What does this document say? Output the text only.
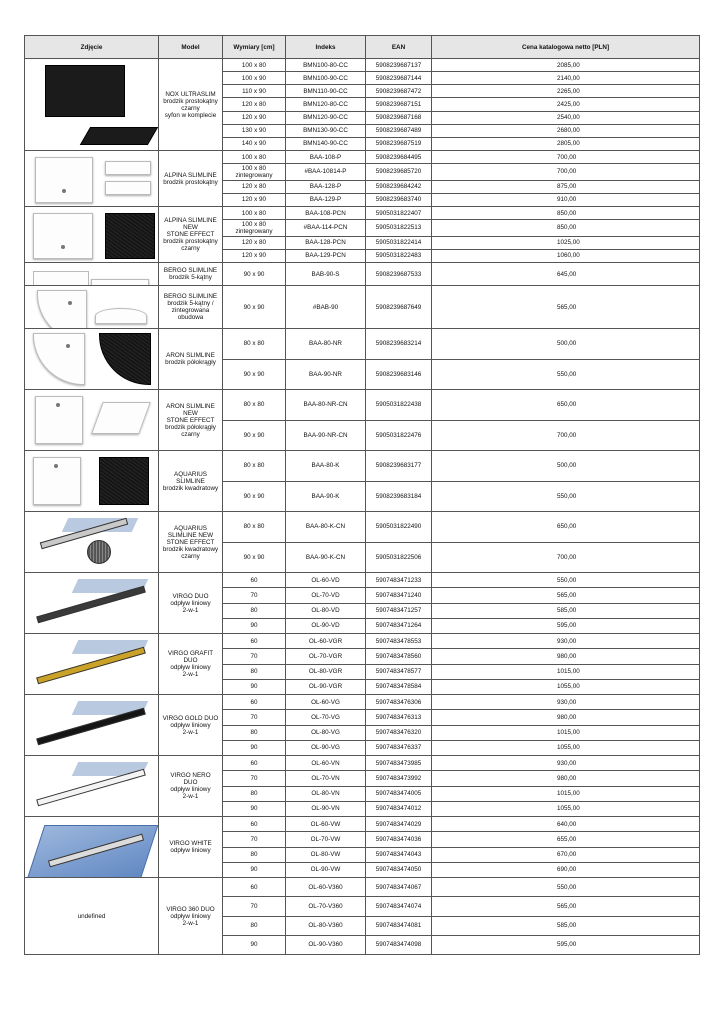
Zdjęcie	Model	Wymiary [cm]	Indeks	EAN	Cena katalogowa netto [PLN]

	NOX ULTRASLIM
brodzik prostokątny
czarny
syfon w komplecie	100 x 80	BMN100-80-CC	5908239687137	2085,00
		100 x 90	BMN100-90-CC	5908239687144	2140,00
		110 x 90	BMN110-90-CC	5908239687472	2265,00
		120 x 80	BMN120-80-CC	5908239687151	2425,00
		120 x 90	BMN120-90-CC	5908239687168	2540,00
		130 x 90	BMN130-90-CC	5908239687489	2680,00
		140 x 90	BMN140-90-CC	5908239687519	2805,00

	ALPINA SLIMLINE
brodzik prostokątny	100 x 80	BAA-108-P	5908239684495	700,00
		100 x 80 zintegrowany	#BAA-10814-P	5908239685720	700,00
		120 x 80	BAA-128-P	5908239684242	875,00
		120 x 90	BAA-129-P	5908239683740	910,00

	ALPINA SLIMLINE
NEW
STONE EFFECT
brodzik prostokątny
czarny	100 x 80	BAA-108-PCN	5905031822407	850,00
		100 x 80 zintegrowany	#BAA-114-PCN	5905031822513	850,00
		120 x 80	BAA-128-PCN	5905031822414	1025,00
		120 x 90	BAA-129-PCN	5905031822483	1060,00

	BERGO SLIMLINE
brodzik 5-kątny	90 x 90	BAB-90-S	5908239687533	645,00

	BERGO SLIMLINE
brodzik 5-kątny /
zintegrowana
obudowa	90 x 90	#BAB-90	5908239687649	565,00

	ARON SLIMLINE
brodzik półokrągły	80 x 80	BAA-80-NR	5908239683214	500,00
		90 x 90	BAA-90-NR	5908239683146	550,00

	ARON SLIMLINE
NEW
STONE EFFECT
brodzik półokrągły
czarny	80 x 80	BAA-80-NR-CN	5905031822438	650,00
		90 x 90	BAA-90-NR-CN	5905031822476	700,00

	AQUARIUS
SLIMLINE
brodzik kwadratowy	80 x 80	BAA-80-K	5908239683177	500,00
		90 x 90	BAA-90-K	5908239683184	550,00

	AQUARIUS
SLIMLINE NEW
STONE EFFECT
brodzik kwadratowy
czarny	80 x 80	BAA-80-K-CN	5905031822490	650,00
		90 x 90	BAA-90-K-CN	5905031822506	700,00

	VIRGO DUO
odpływ liniowy
2-w-1	60	OL-60-VD	5907483471233	550,00
		70	OL-70-VD	5907483471240	565,00
		80	OL-80-VD	5907483471257	585,00
		90	OL-90-VD	5907483471264	595,00

	VIRGO GRAFIT
DUO
odpływ liniowy
2-w-1	60	OL-60-VGR	5907483478553	930,00
		70	OL-70-VGR	5907483478560	980,00
		80	OL-80-VGR	5907483478577	1015,00
		90	OL-90-VGR	5907483478584	1055,00

	VIRGO GOLD DUO
odpływ liniowy
2-w-1	60	OL-60-VG	5907483476306	930,00
		70	OL-70-VG	5907483476313	980,00
		80	OL-80-VG	5907483476320	1015,00
		90	OL-90-VG	5907483476337	1055,00

	VIRGO NERO
DUO
odpływ liniowy
2-w-1	60	OL-60-VN	5907483473985	930,00
		70	OL-70-VN	5907483473992	980,00
		80	OL-80-VN	5907483474005	1015,00
		90	OL-90-VN	5907483474012	1055,00

	VIRGO WHITE
odpływ liniowy	60	OL-60-VW	5907483474029	640,00
		70	OL-70-VW	5907483474036	655,00
		80	OL-80-VW	5907483474043	670,00
		90	OL-90-VW	5907483474050	690,00
undefined	VIRGO 360 DUO
odpływ liniowy
2-w-1	60	OL-60-V360	5907483474067	550,00
		70	OL-70-V360	5907483474074	565,00
		80	OL-80-V360	5907483474081	585,00
		90	OL-90-V360	5907483474098	595,00
